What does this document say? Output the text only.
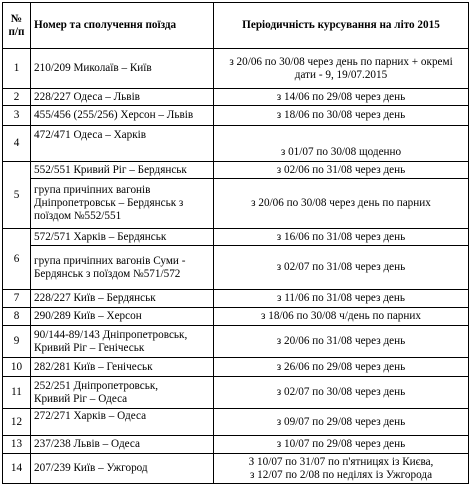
№
п/п	Номер та сполучення поїзда	Періодичність курсування на літо 2015
1	210/209 Миколаїв – Київ	з 20/06 по 30/08 через день по парних + окремі
дати - 9, 19/07.2015

2	228/227 Одеса – Львів	з 14/06 по 29/08 через день

3	455/456 (255/256) Херсон – Львів	з 18/06 по 30/08 через день

4	472/471 Одеса – Харків	з 01/07 по 30/08 щоденно

5	552/551 Кривий Ріг – Бердянськ	з 02/06 по 31/08 через день

	група причіпних вагонів
Дніпропетровськ – Бердянськ з
поїздом №552/551	з 20/06 по 30/08 через день по парних

6	572/571 Харків – Бердянськ	з 16/06 по 31/08 через день

	група причіпних вагонів Суми -
Бердянськ з поїздом №571/572	з 02/07 по 31/08 через день

7	228/227 Київ – Бердянськ	з 11/06 по 31/08 через день

8	290/289 Київ – Херсон	з 18/06 по 30/08 ч/день по парних

9	90/144-89/143 Дніпропетровськ,
Кривий Ріг – Генічеськ	з 20/06 по 31/08 через день

10	282/281 Київ – Генічеськ	з 26/06 по 29/08 через день

11	252/251 Дніпропетровськ,
Кривий Ріг – Одеса	з 02/07 по 30/08 через день

12	272/271 Харків – Одеса	з 09/07 по 29/08 через день

13	237/238 Львів – Одеса	з 10/07 по 29/08 через день

14	207/239 Київ – Ужгород	З 10/07 по 31/07 по п'ятницях із Києва,
з 12/07 по 2/08 по неділях із Ужгорода
